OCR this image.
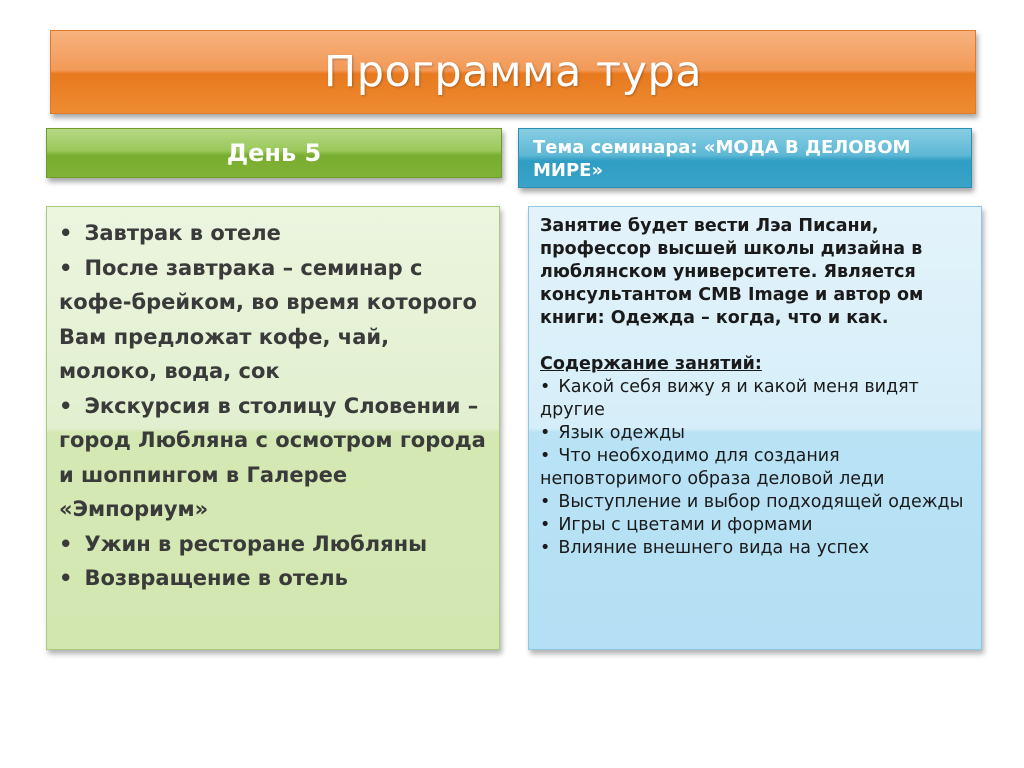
Программа тура
День 5	Тема семинара: «МОДА В ДЕЛОВОМ МИРЕ»
• Завтрак в отеле
• После завтрака – семинар с кофе-брейком, во время которого Вам предложат кофе, чай, молоко, вода, сок
• Экскурсия в столицу Словении – город Любляна с осмотром города и шоппингом в Галерее «Эмпориум»
• Ужин в ресторане Любляны
• Возвращение в отель

Занятие будет вести Лэа Писани, профессор высшей школы дизайна в люблянском университете. Является консультантом СМВ Image и автор ом книги: Одежда – когда, что и как.

Содержание занятий:
• Какой себя вижу я и какой меня видят другие
• Язык одежды
• Что необходимо для создания неповторимого образа деловой леди
• Выступление и выбор подходящей одежды
• Игры с цветами и формами
• Влияние внешнего вида на успех
